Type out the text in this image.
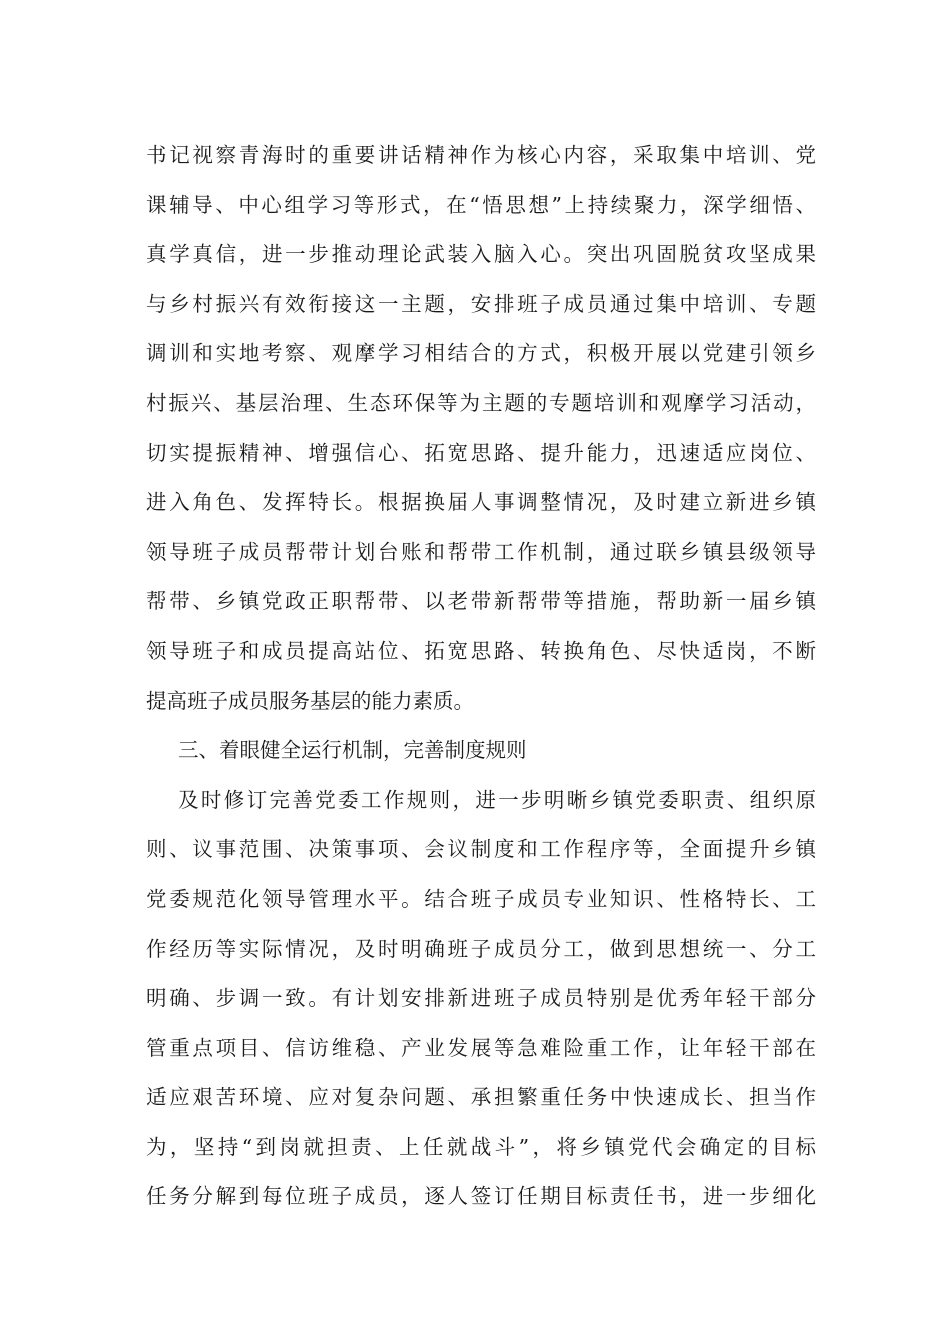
书记视察青海时的重要讲话精神作为核心内容，采取集中培训、党
课辅导、中心组学习等形式，在“悟思想”上持续聚力，深学细悟、
真学真信，进一步推动理论武装入脑入心。突出巩固脱贫攻坚成果
与乡村振兴有效衔接这一主题，安排班子成员通过集中培训、专题
调训和实地考察、观摩学习相结合的方式，积极开展以党建引领乡
村振兴、基层治理、生态环保等为主题的专题培训和观摩学习活动，
切实提振精神、增强信心、拓宽思路、提升能力，迅速适应岗位、
进入角色、发挥特长。根据换届人事调整情况，及时建立新进乡镇
领导班子成员帮带计划台账和帮带工作机制，通过联乡镇县级领导
帮带、乡镇党政正职帮带、以老带新帮带等措施，帮助新一届乡镇
领导班子和成员提高站位、拓宽思路、转换角色、尽快适岗，不断
提高班子成员服务基层的能力素质。
三、着眼健全运行机制，完善制度规则
及时修订完善党委工作规则，进一步明晰乡镇党委职责、组织原
则、议事范围、决策事项、会议制度和工作程序等，全面提升乡镇
党委规范化领导管理水平。结合班子成员专业知识、性格特长、工
作经历等实际情况，及时明确班子成员分工，做到思想统一、分工
明确、步调一致。有计划安排新进班子成员特别是优秀年轻干部分
管重点项目、信访维稳、产业发展等急难险重工作，让年轻干部在
适应艰苦环境、应对复杂问题、承担繁重任务中快速成长、担当作
为，坚持“到岗就担责、上任就战斗”，将乡镇党代会确定的目标
任务分解到每位班子成员，逐人签订任期目标责任书，进一步细化
